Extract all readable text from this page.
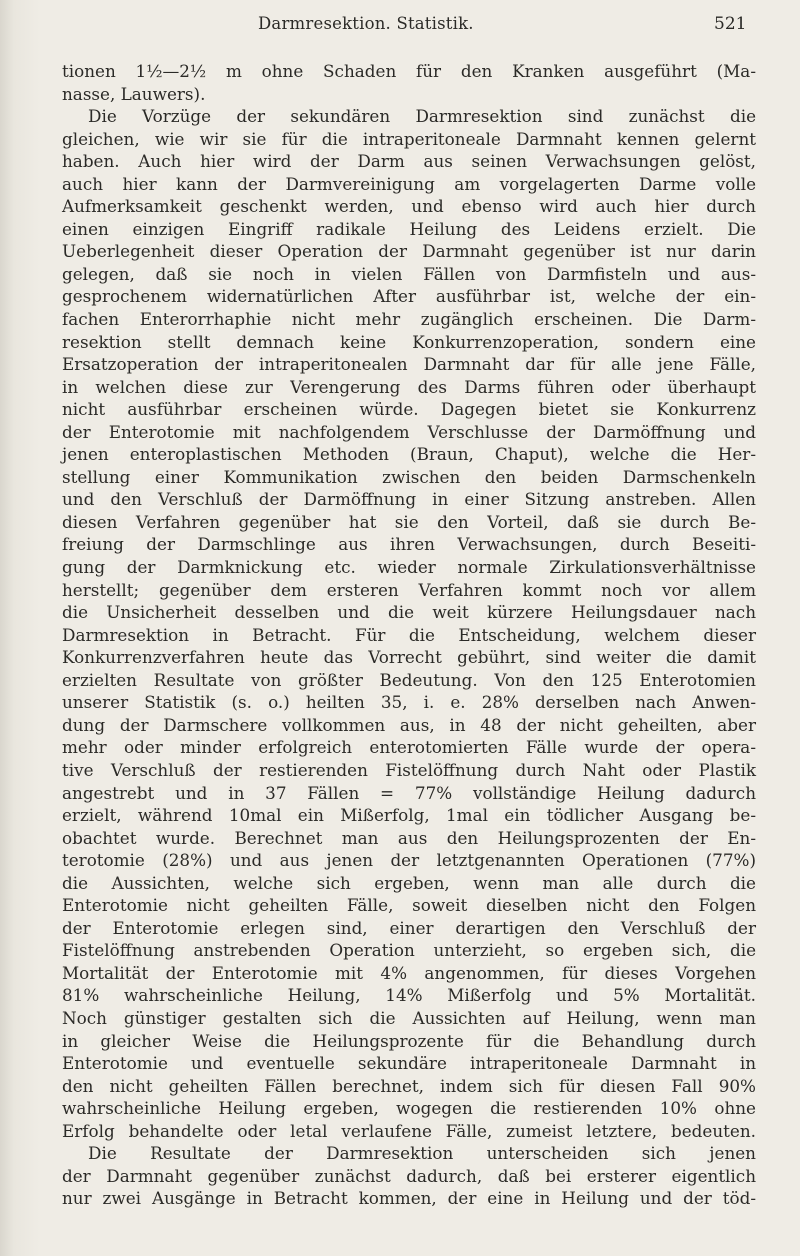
Darmresektion. Statistik.	521
tionen 1½—2½ m ohne Schaden für den Kranken ausgeführt (Ma-
nasse, Lauwers).
Die Vorzüge der sekundären Darmresektion sind zunächst die
gleichen, wie wir sie für die intraperitoneale Darmnaht kennen gelernt
haben. Auch hier wird der Darm aus seinen Verwachsungen gelöst,
auch hier kann der Darmvereinigung am vorgelagerten Darme volle
Aufmerksamkeit geschenkt werden, und ebenso wird auch hier durch
einen einzigen Eingriff radikale Heilung des Leidens erzielt. Die
Ueberlegenheit dieser Operation der Darmnaht gegenüber ist nur darin
gelegen, daß sie noch in vielen Fällen von Darmfisteln und aus-
gesprochenem widernatürlichen After ausführbar ist, welche der ein-
fachen Enterorrhaphie nicht mehr zugänglich erscheinen. Die Darm-
resektion stellt demnach keine Konkurrenzoperation, sondern eine
Ersatzoperation der intraperitonealen Darmnaht dar für alle jene Fälle,
in welchen diese zur Verengerung des Darms führen oder überhaupt
nicht ausführbar erscheinen würde. Dagegen bietet sie Konkurrenz
der Enterotomie mit nachfolgendem Verschlusse der Darmöffnung und
jenen enteroplastischen Methoden (Braun, Chaput), welche die Her-
stellung einer Kommunikation zwischen den beiden Darmschenkeln
und den Verschluß der Darmöffnung in einer Sitzung anstreben. Allen
diesen Verfahren gegenüber hat sie den Vorteil, daß sie durch Be-
freiung der Darmschlinge aus ihren Verwachsungen, durch Beseiti-
gung der Darmknickung etc. wieder normale Zirkulationsverhältnisse
herstellt; gegenüber dem ersteren Verfahren kommt noch vor allem
die Unsicherheit desselben und die weit kürzere Heilungsdauer nach
Darmresektion in Betracht. Für die Entscheidung, welchem dieser
Konkurrenzverfahren heute das Vorrecht gebührt, sind weiter die damit
erzielten Resultate von größter Bedeutung. Von den 125 Enterotomien
unserer Statistik (s. o.) heilten 35, i. e. 28% derselben nach Anwen-
dung der Darmschere vollkommen aus, in 48 der nicht geheilten, aber
mehr oder minder erfolgreich enterotomierten Fälle wurde der opera-
tive Verschluß der restierenden Fistelöffnung durch Naht oder Plastik
angestrebt und in 37 Fällen = 77% vollständige Heilung dadurch
erzielt, während 10mal ein Mißerfolg, 1mal ein tödlicher Ausgang be-
obachtet wurde. Berechnet man aus den Heilungsprozenten der En-
terotomie (28%) und aus jenen der letztgenannten Operationen (77%)
die Aussichten, welche sich ergeben, wenn man alle durch die
Enterotomie nicht geheilten Fälle, soweit dieselben nicht den Folgen
der Enterotomie erlegen sind, einer derartigen den Verschluß der
Fistelöffnung anstrebenden Operation unterzieht, so ergeben sich, die
Mortalität der Enterotomie mit 4% angenommen, für dieses Vorgehen
81% wahrscheinliche Heilung, 14% Mißerfolg und 5% Mortalität.
Noch günstiger gestalten sich die Aussichten auf Heilung, wenn man
in gleicher Weise die Heilungsprozente für die Behandlung durch
Enterotomie und eventuelle sekundäre intraperitoneale Darmnaht in
den nicht geheilten Fällen berechnet, indem sich für diesen Fall 90%
wahrscheinliche Heilung ergeben, wogegen die restierenden 10% ohne
Erfolg behandelte oder letal verlaufene Fälle, zumeist letztere, bedeuten.
Die Resultate der Darmresektion unterscheiden sich jenen
der Darmnaht gegenüber zunächst dadurch, daß bei ersterer eigentlich
nur zwei Ausgänge in Betracht kommen, der eine in Heilung und der töd-
